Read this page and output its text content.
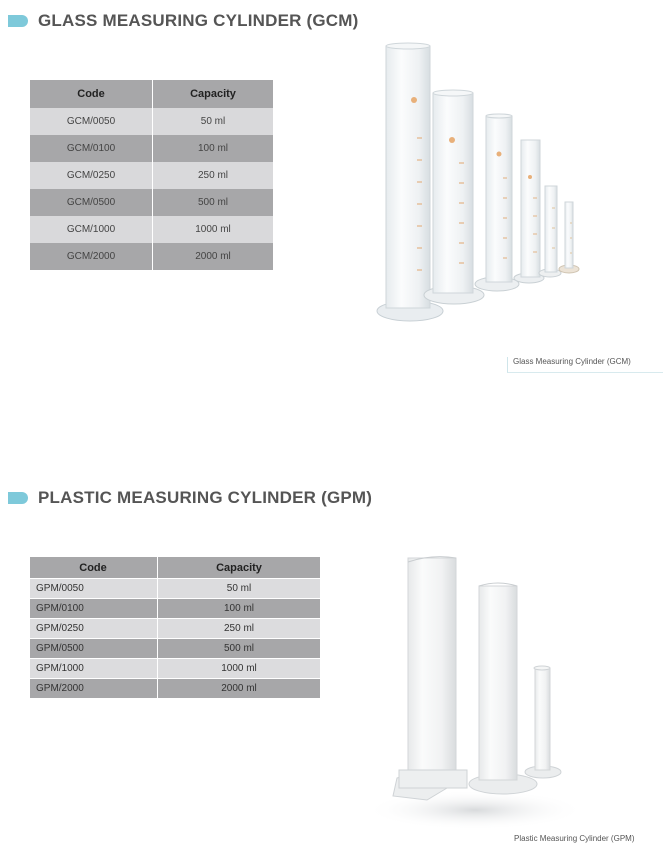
GLASS MEASURING CYLINDER (GCM)
Code	Capacity
GCM/0050	50 ml
GCM/0100	100 ml
GCM/0250	250 ml
GCM/0500	500 ml
GCM/1000	1000 ml
GCM/2000	2000 ml
Glass Measuring Cylinder (GCM)
PLASTIC MEASURING CYLINDER (GPM)
Code	Capacity
GPM/0050	50 ml
GPM/0100	100 ml
GPM/0250	250 ml
GPM/0500	500 ml
GPM/1000	1000 ml
GPM/2000	2000 ml
Plastic Measuring Cylinder (GPM)
